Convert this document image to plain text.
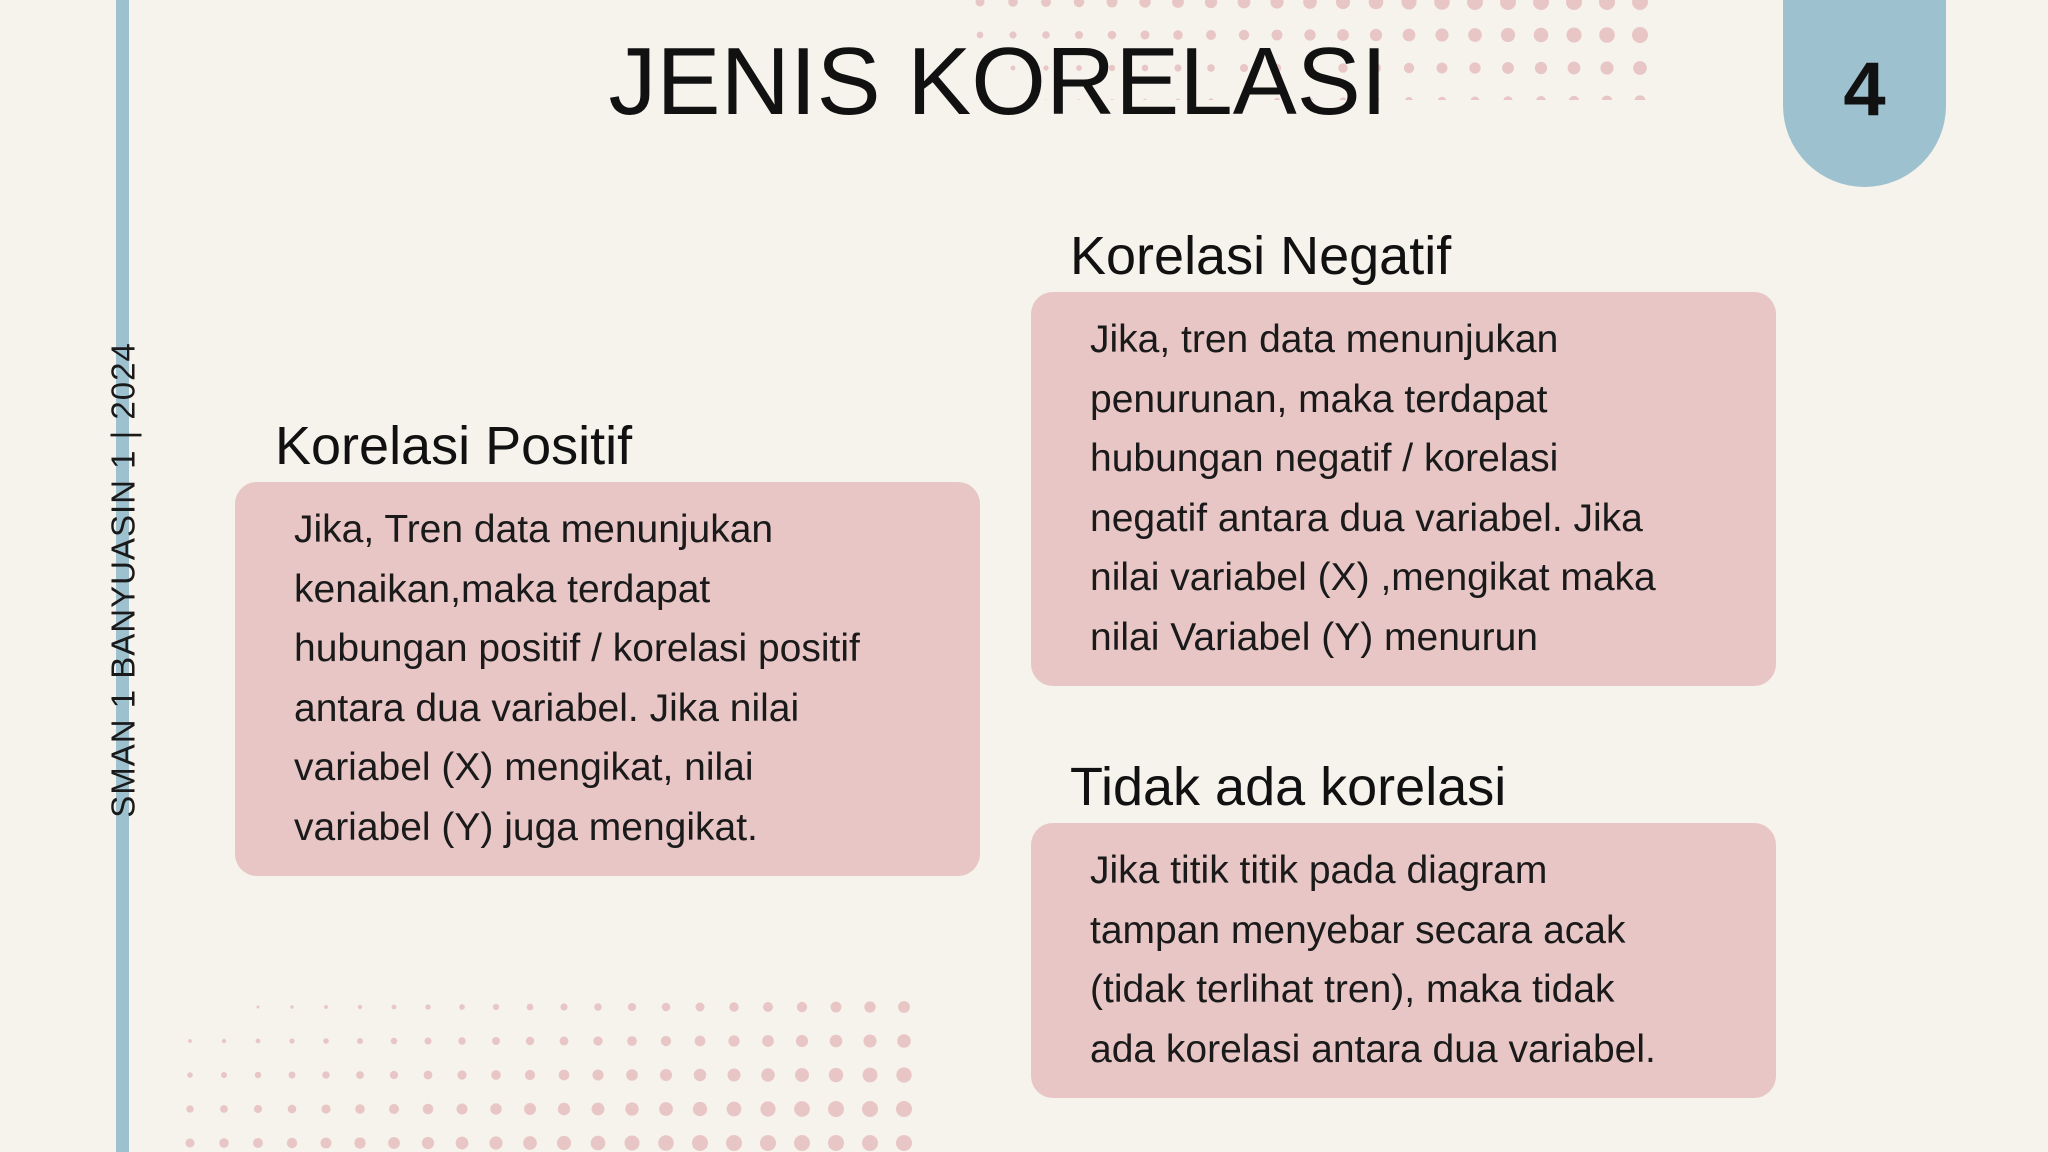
SMAN 1 BANYUASIN 1 | 2024
JENIS KORELASI	4
Korelasi Positif

Jika, Tren data menunjukan
kenaikan,maka terdapat
hubungan positif / korelasi positif
antara dua variabel. Jika nilai
variabel (X) mengikat, nilai
variabel (Y) juga mengikat.

Korelasi Negatif

Jika, tren data menunjukan
penurunan, maka terdapat
hubungan negatif / korelasi
negatif antara dua variabel. Jika
nilai variabel (X) ,mengikat maka
nilai Variabel (Y) menurun

Tidak ada korelasi

Jika titik titik pada diagram
tampan menyebar secara acak
(tidak terlihat tren), maka tidak
ada korelasi antara dua variabel.
